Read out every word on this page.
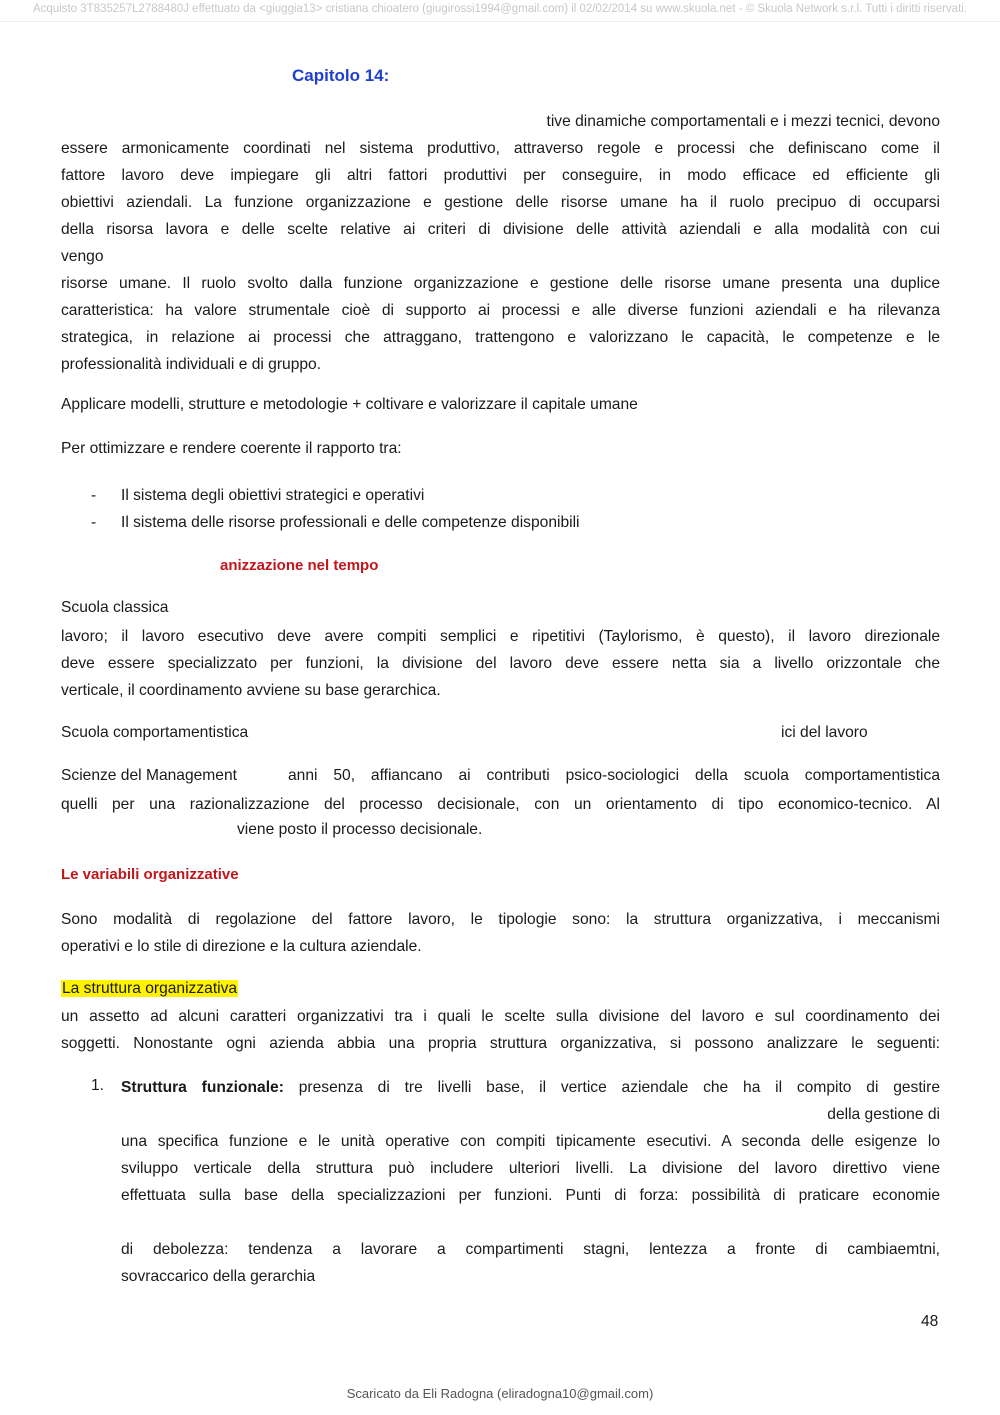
Acquisto 3T835257L2788480J effettuato da <giuggia13> cristiana chioatero (giugirossi1994@gmail.com) il 02/02/2014 su www.skuola.net - © Skuola Network s.r.l. Tutti i diritti riservati.
Capitolo 14:
tive dinamiche comportamentali e i mezzi tecnici, devono
essere armonicamente coordinati nel sistema produttivo, attraverso regole e processi che definiscano come il
fattore lavoro deve impiegare gli altri fattori produttivi per conseguire, in modo efficace ed efficiente gli
obiettivi aziendali. La funzione organizzazione e gestione delle risorse umane ha il ruolo precipuo di occuparsi
della risorsa lavora e delle scelte relative ai criteri di divisione delle attività aziendali e alla modalità con cui
vengo
risorse umane. Il ruolo svolto dalla funzione organizzazione e gestione delle risorse umane presenta una duplice
caratteristica: ha valore strumentale cioè di supporto ai processi e alle diverse funzioni aziendali e ha rilevanza
strategica, in relazione ai processi che attraggano, trattengono e valorizzano le capacità, le competenze e le
professionalità individuali e di gruppo.
Applicare modelli, strutture e metodologie + coltivare e valorizzare il capitale umane
Per ottimizzare e rendere coerente il rapporto tra:
- Il sistema degli obiettivi strategici e operativi
- Il sistema delle risorse professionali e delle competenze disponibili
anizzazione nel tempo
Scuola classica
lavoro; il lavoro esecutivo deve avere compiti semplici e ripetitivi (Taylorismo, è questo), il lavoro direzionale
deve essere specializzato per funzioni, la divisione del lavoro deve essere netta sia a livello orizzontale che
verticale, il coordinamento avviene su base gerarchica.
Scuola comportamentistica	ici del lavoro
Scienze del Management	anni 50, affiancano ai contributi psico-sociologici della scuola comportamentistica
quelli per una razionalizzazione del processo decisionale, con un orientamento di tipo economico-tecnico. Al
viene posto il processo decisionale.
Le variabili organizzative
Sono modalità di regolazione del fattore lavoro, le tipologie sono: la struttura organizzativa, i meccanismi
operativi e lo stile di direzione e la cultura aziendale.
La struttura organizzativa
un assetto ad alcuni caratteri organizzativi tra i quali le scelte sulla divisione del lavoro e sul coordinamento dei
soggetti. Nonostante ogni azienda abbia una propria struttura organizzativa, si possono analizzare le seguenti:
1. Struttura funzionale: presenza di tre livelli base, il vertice aziendale che ha il compito di gestire
della gestione di
una specifica funzione e le unità operative con compiti tipicamente esecutivi. A seconda delle esigenze lo
sviluppo verticale della struttura può includere ulteriori livelli. La divisione del lavoro direttivo viene
effettuata sulla base della specializzazioni per funzioni. Punti di forza: possibilità di praticare economie

di debolezza: tendenza a lavorare a compartimenti stagni, lentezza a fronte di cambiaemtni,
sovraccarico della gerarchia
48
Scaricato da Eli Radogna (eliradogna10@gmail.com)
